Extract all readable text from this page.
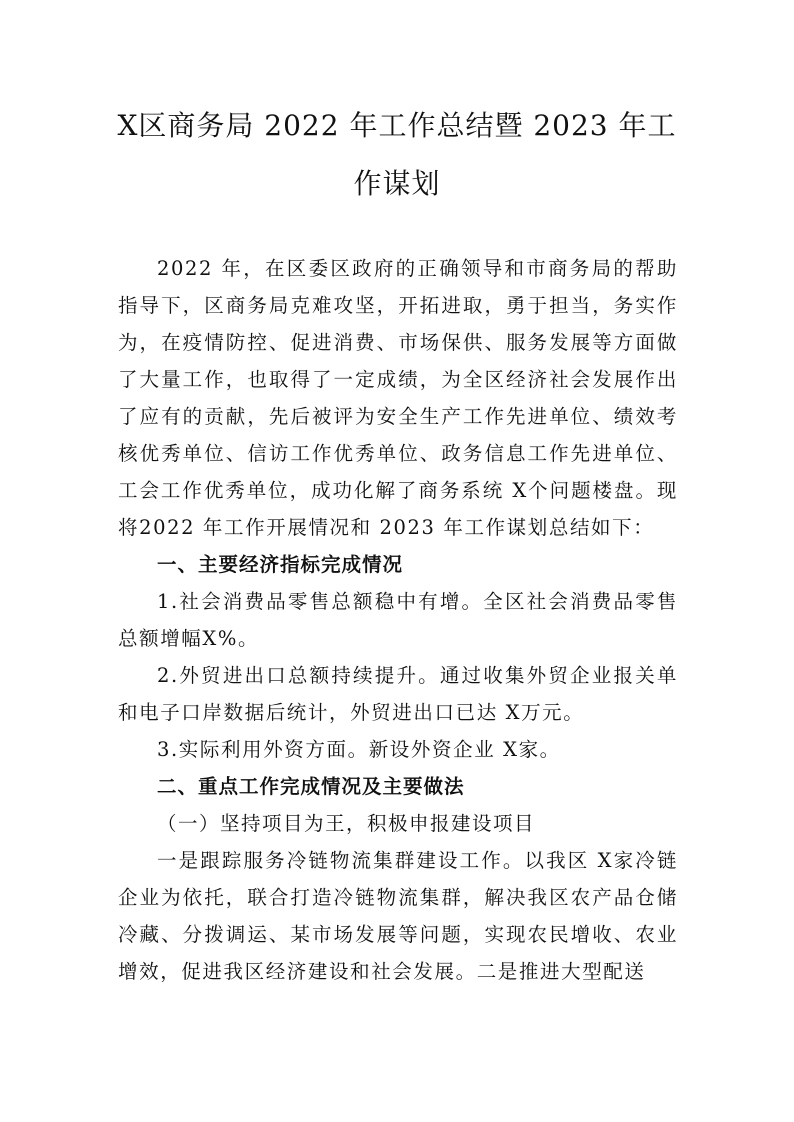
X区商务局 2022 年工作总结暨 2023 年工
作谋划

2022 年，在区委区政府的正确领导和市商务局的帮助指导下，区商务局克难攻坚，开拓进取，勇于担当，务实作为，在疫情防控、促进消费、市场保供、服务发展等方面做了大量工作，也取得了一定成绩，为全区经济社会发展作出了应有的贡献，先后被评为安全生产工作先进单位、绩效考核优秀单位、信访工作优秀单位、政务信息工作先进单位、工会工作优秀单位，成功化解了商务系统 X个问题楼盘。现将2022 年工作开展情况和 2023 年工作谋划总结如下：

一、主要经济指标完成情况

1.社会消费品零售总额稳中有增。全区社会消费品零售总额增幅X%。

2.外贸进出口总额持续提升。通过收集外贸企业报关单和电子口岸数据后统计，外贸进出口已达 X万元。

3.实际利用外资方面。新设外资企业 X家。

二、重点工作完成情况及主要做法

（一）坚持项目为王，积极申报建设项目

一是跟踪服务冷链物流集群建设工作。以我区 X家冷链企业为依托，联合打造冷链物流集群，解决我区农产品仓储冷藏、分拨调运、某市场发展等问题，实现农民增收、农业增效，促进我区经济建设和社会发展。二是推进大型配送
